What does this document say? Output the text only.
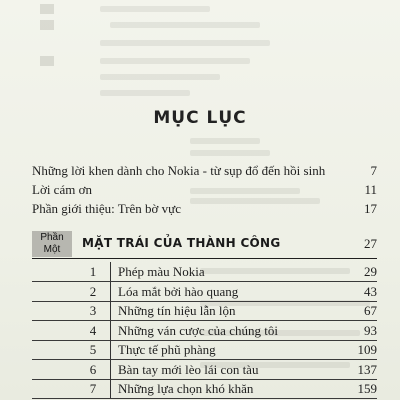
MỤC LỤC
Những lời khen dành cho Nokia - từ sụp đổ đến hồi sinh	7
Lời cám ơn	11
Phần giới thiệu: Trên bờ vực	17
Phần
Một	MẶT TRÁI CỦA THÀNH CÔNG	27
1	Phép màu Nokia	29
2	Lóa mắt bởi hào quang	43
3	Những tín hiệu lẫn lộn	67
4	Những ván cược của chúng tôi	93
5	Thực tế phũ phàng	109
6	Bàn tay mới lèo lái con tàu	137
7	Những lựa chọn khó khăn	159
